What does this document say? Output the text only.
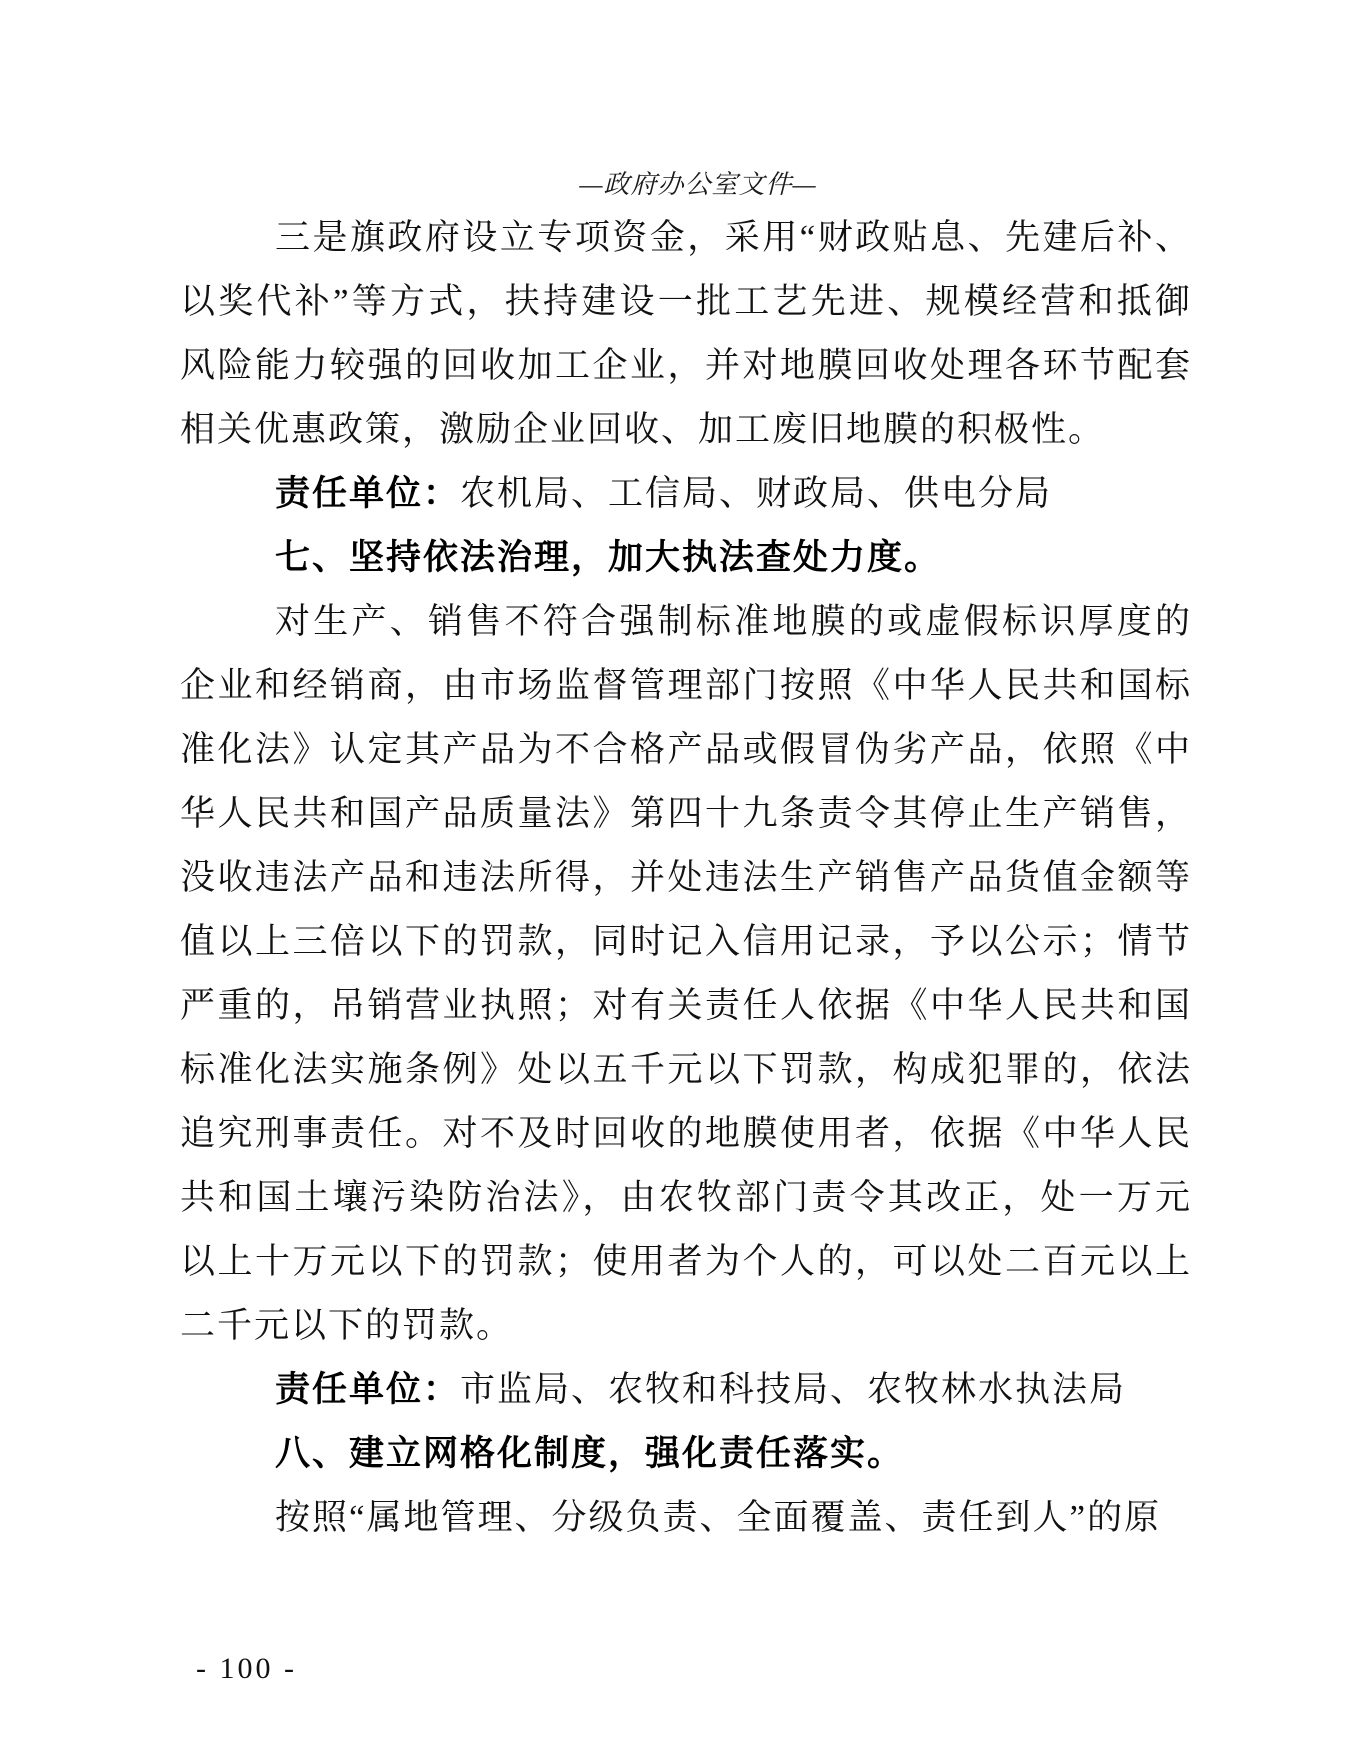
—政府办公室文件—

三是旗政府设立专项资金，采用“财政贴息、先建后补、以奖代补”等方式，扶持建设一批工艺先进、规模经营和抵御风险能力较强的回收加工企业，并对地膜回收处理各环节配套相关优惠政策，激励企业回收、加工废旧地膜的积极性。

责任单位：农机局、工信局、财政局、供电分局

七、坚持依法治理，加大执法查处力度。

对生产、销售不符合强制标准地膜的或虚假标识厚度的企业和经销商，由市场监督管理部门按照《中华人民共和国标准化法》认定其产品为不合格产品或假冒伪劣产品，依照《中华人民共和国产品质量法》第四十九条责令其停止生产销售，没收违法产品和违法所得，并处违法生产销售产品货值金额等值以上三倍以下的罚款，同时记入信用记录，予以公示；情节严重的，吊销营业执照；对有关责任人依据《中华人民共和国标准化法实施条例》处以五千元以下罚款，构成犯罪的，依法追究刑事责任。对不及时回收的地膜使用者，依据《中华人民共和国土壤污染防治法》，由农牧部门责令其改正，处一万元以上十万元以下的罚款；使用者为个人的，可以处二百元以上二千元以下的罚款。

责任单位：市监局、农牧和科技局、农牧林水执法局

八、建立网格化制度，强化责任落实。

按照“属地管理、分级负责、全面覆盖、责任到人”的原

- 100 -
